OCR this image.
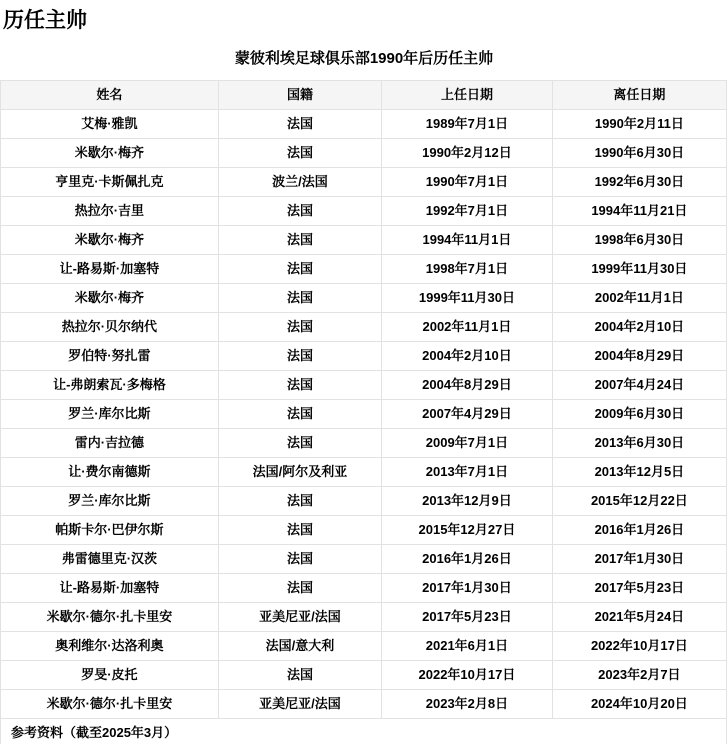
历任主帅
蒙彼利埃足球俱乐部1990年后历任主帅
姓名	国籍	上任日期	离任日期
艾梅·雅凯	法国	1989年7月1日	1990年2月11日
米歇尔·梅齐	法国	1990年2月12日	1990年6月30日
亨里克·卡斯佩扎克	波兰/法国	1990年7月1日	1992年6月30日
热拉尔·吉里	法国	1992年7月1日	1994年11月21日
米歇尔·梅齐	法国	1994年11月1日	1998年6月30日
让-路易斯·加塞特	法国	1998年7月1日	1999年11月30日
米歇尔·梅齐	法国	1999年11月30日	2002年11月1日
热拉尔·贝尔纳代	法国	2002年11月1日	2004年2月10日
罗伯特·努扎雷	法国	2004年2月10日	2004年8月29日
让-弗朗索瓦·多梅格	法国	2004年8月29日	2007年4月24日
罗兰·库尔比斯	法国	2007年4月29日	2009年6月30日
雷内·吉拉德	法国	2009年7月1日	2013年6月30日
让·费尔南德斯	法国/阿尔及利亚	2013年7月1日	2013年12月5日
罗兰·库尔比斯	法国	2013年12月9日	2015年12月22日
帕斯卡尔·巴伊尔斯	法国	2015年12月27日	2016年1月26日
弗雷德里克·汉茨	法国	2016年1月26日	2017年1月30日
让-路易斯·加塞特	法国	2017年1月30日	2017年5月23日
米歇尔·德尔·扎卡里安	亚美尼亚/法国	2017年5月23日	2021年5月24日
奥利维尔·达洛利奥	法国/意大利	2021年6月1日	2022年10月17日
罗旻·皮托	法国	2022年10月17日	2023年2月7日
米歇尔·德尔·扎卡里安	亚美尼亚/法国	2023年2月8日	2024年10月20日
参考资料（截至2025年3月）			
